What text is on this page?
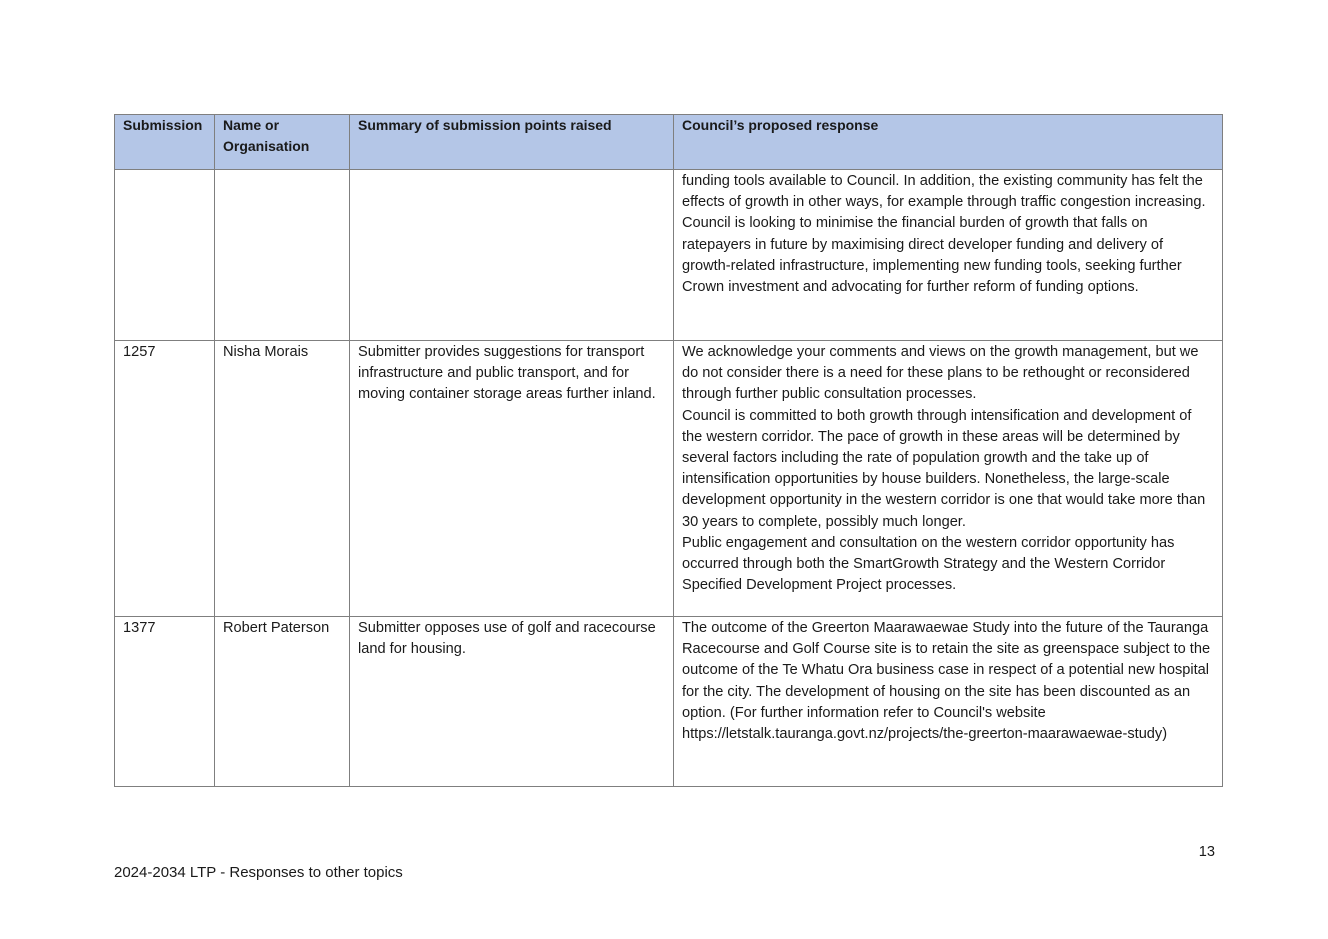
Submission	Name or Organisation	Summary of submission points raised	Council’s proposed response

			funding tools available to Council. In addition, the existing community has felt the effects of growth in other ways, for example through traffic congestion increasing.
Council is looking to minimise the financial burden of growth that falls on ratepayers in future by maximising direct developer funding and delivery of growth-related infrastructure, implementing new funding tools, seeking further Crown investment and advocating for further reform of funding options.

1257	Nisha Morais	Submitter provides suggestions for transport infrastructure and public transport, and for moving container storage areas further inland.	We acknowledge your comments and views on the growth management, but we do not consider there is a need for these plans to be rethought or reconsidered through further public consultation processes.
Council is committed to both growth through intensification and development of the western corridor. The pace of growth in these areas will be determined by several factors including the rate of population growth and the take up of intensification opportunities by house builders. Nonetheless, the large-scale development opportunity in the western corridor is one that would take more than 30 years to complete, possibly much longer.
Public engagement and consultation on the western corridor opportunity has occurred through both the SmartGrowth Strategy and the Western Corridor Specified Development Project processes.

1377	Robert Paterson	Submitter opposes use of golf and racecourse land for housing.	The outcome of the Greerton Maarawaewae Study into the future of the Tauranga Racecourse and Golf Course site is to retain the site as greenspace subject to the outcome of the Te Whatu Ora business case in respect of a potential new hospital for the city. The development of housing on the site has been discounted as an option. (For further information refer to Council's website https://letstalk.tauranga.govt.nz/projects/the-greerton-maarawaewae-study)
13
2024-2034 LTP - Responses to other topics
